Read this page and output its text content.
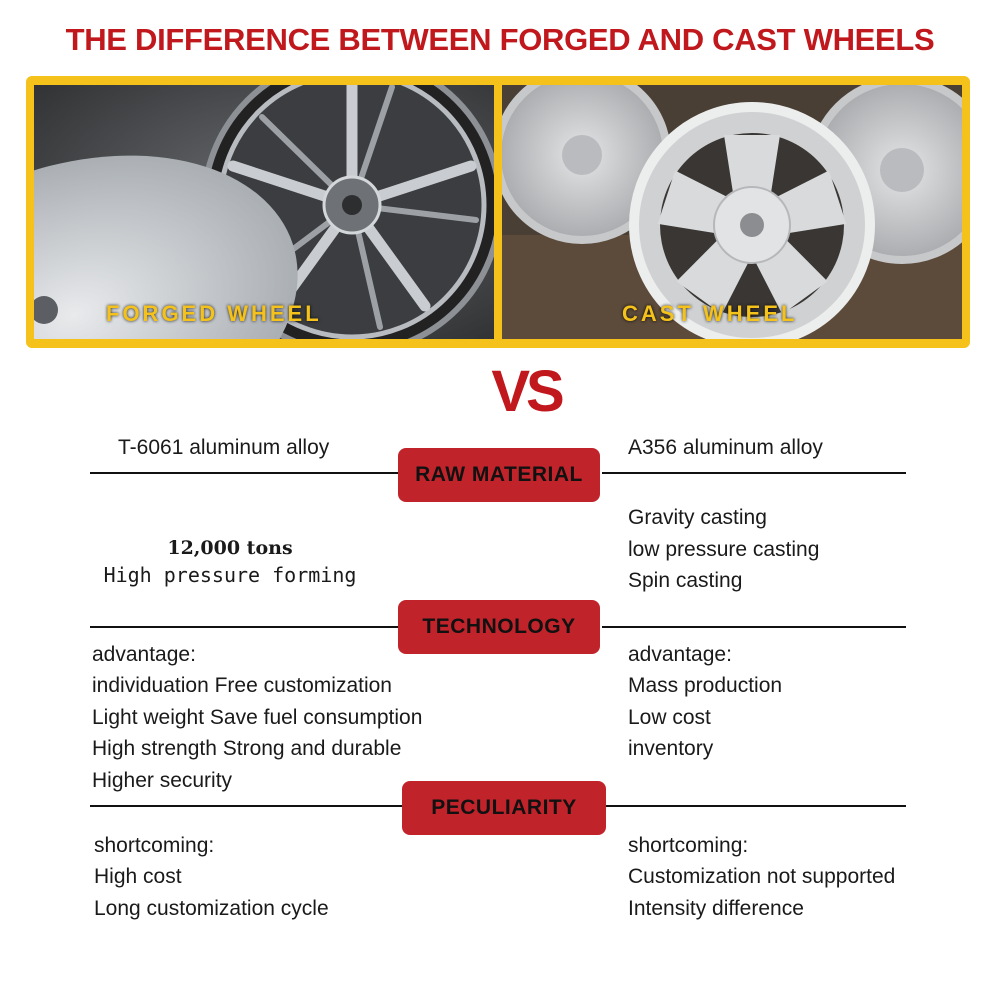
THE DIFFERENCE BETWEEN FORGED AND CAST WHEELS
FORGED WHEEL	CAST WHEEL
VS
T-6061 aluminum alloy	A356 aluminum alloy
RAW MATERIAL
12,000 tons
High pressure forming
Gravity casting
low pressure casting
Spin casting
TECHNOLOGY
advantage:
individuation Free customization
Light weight Save fuel consumption
High strength Strong and durable
Higher security
advantage:
Mass production
Low cost
inventory
PECULIARITY
shortcoming:
High cost
Long customization cycle
shortcoming:
Customization not supported
Intensity difference
